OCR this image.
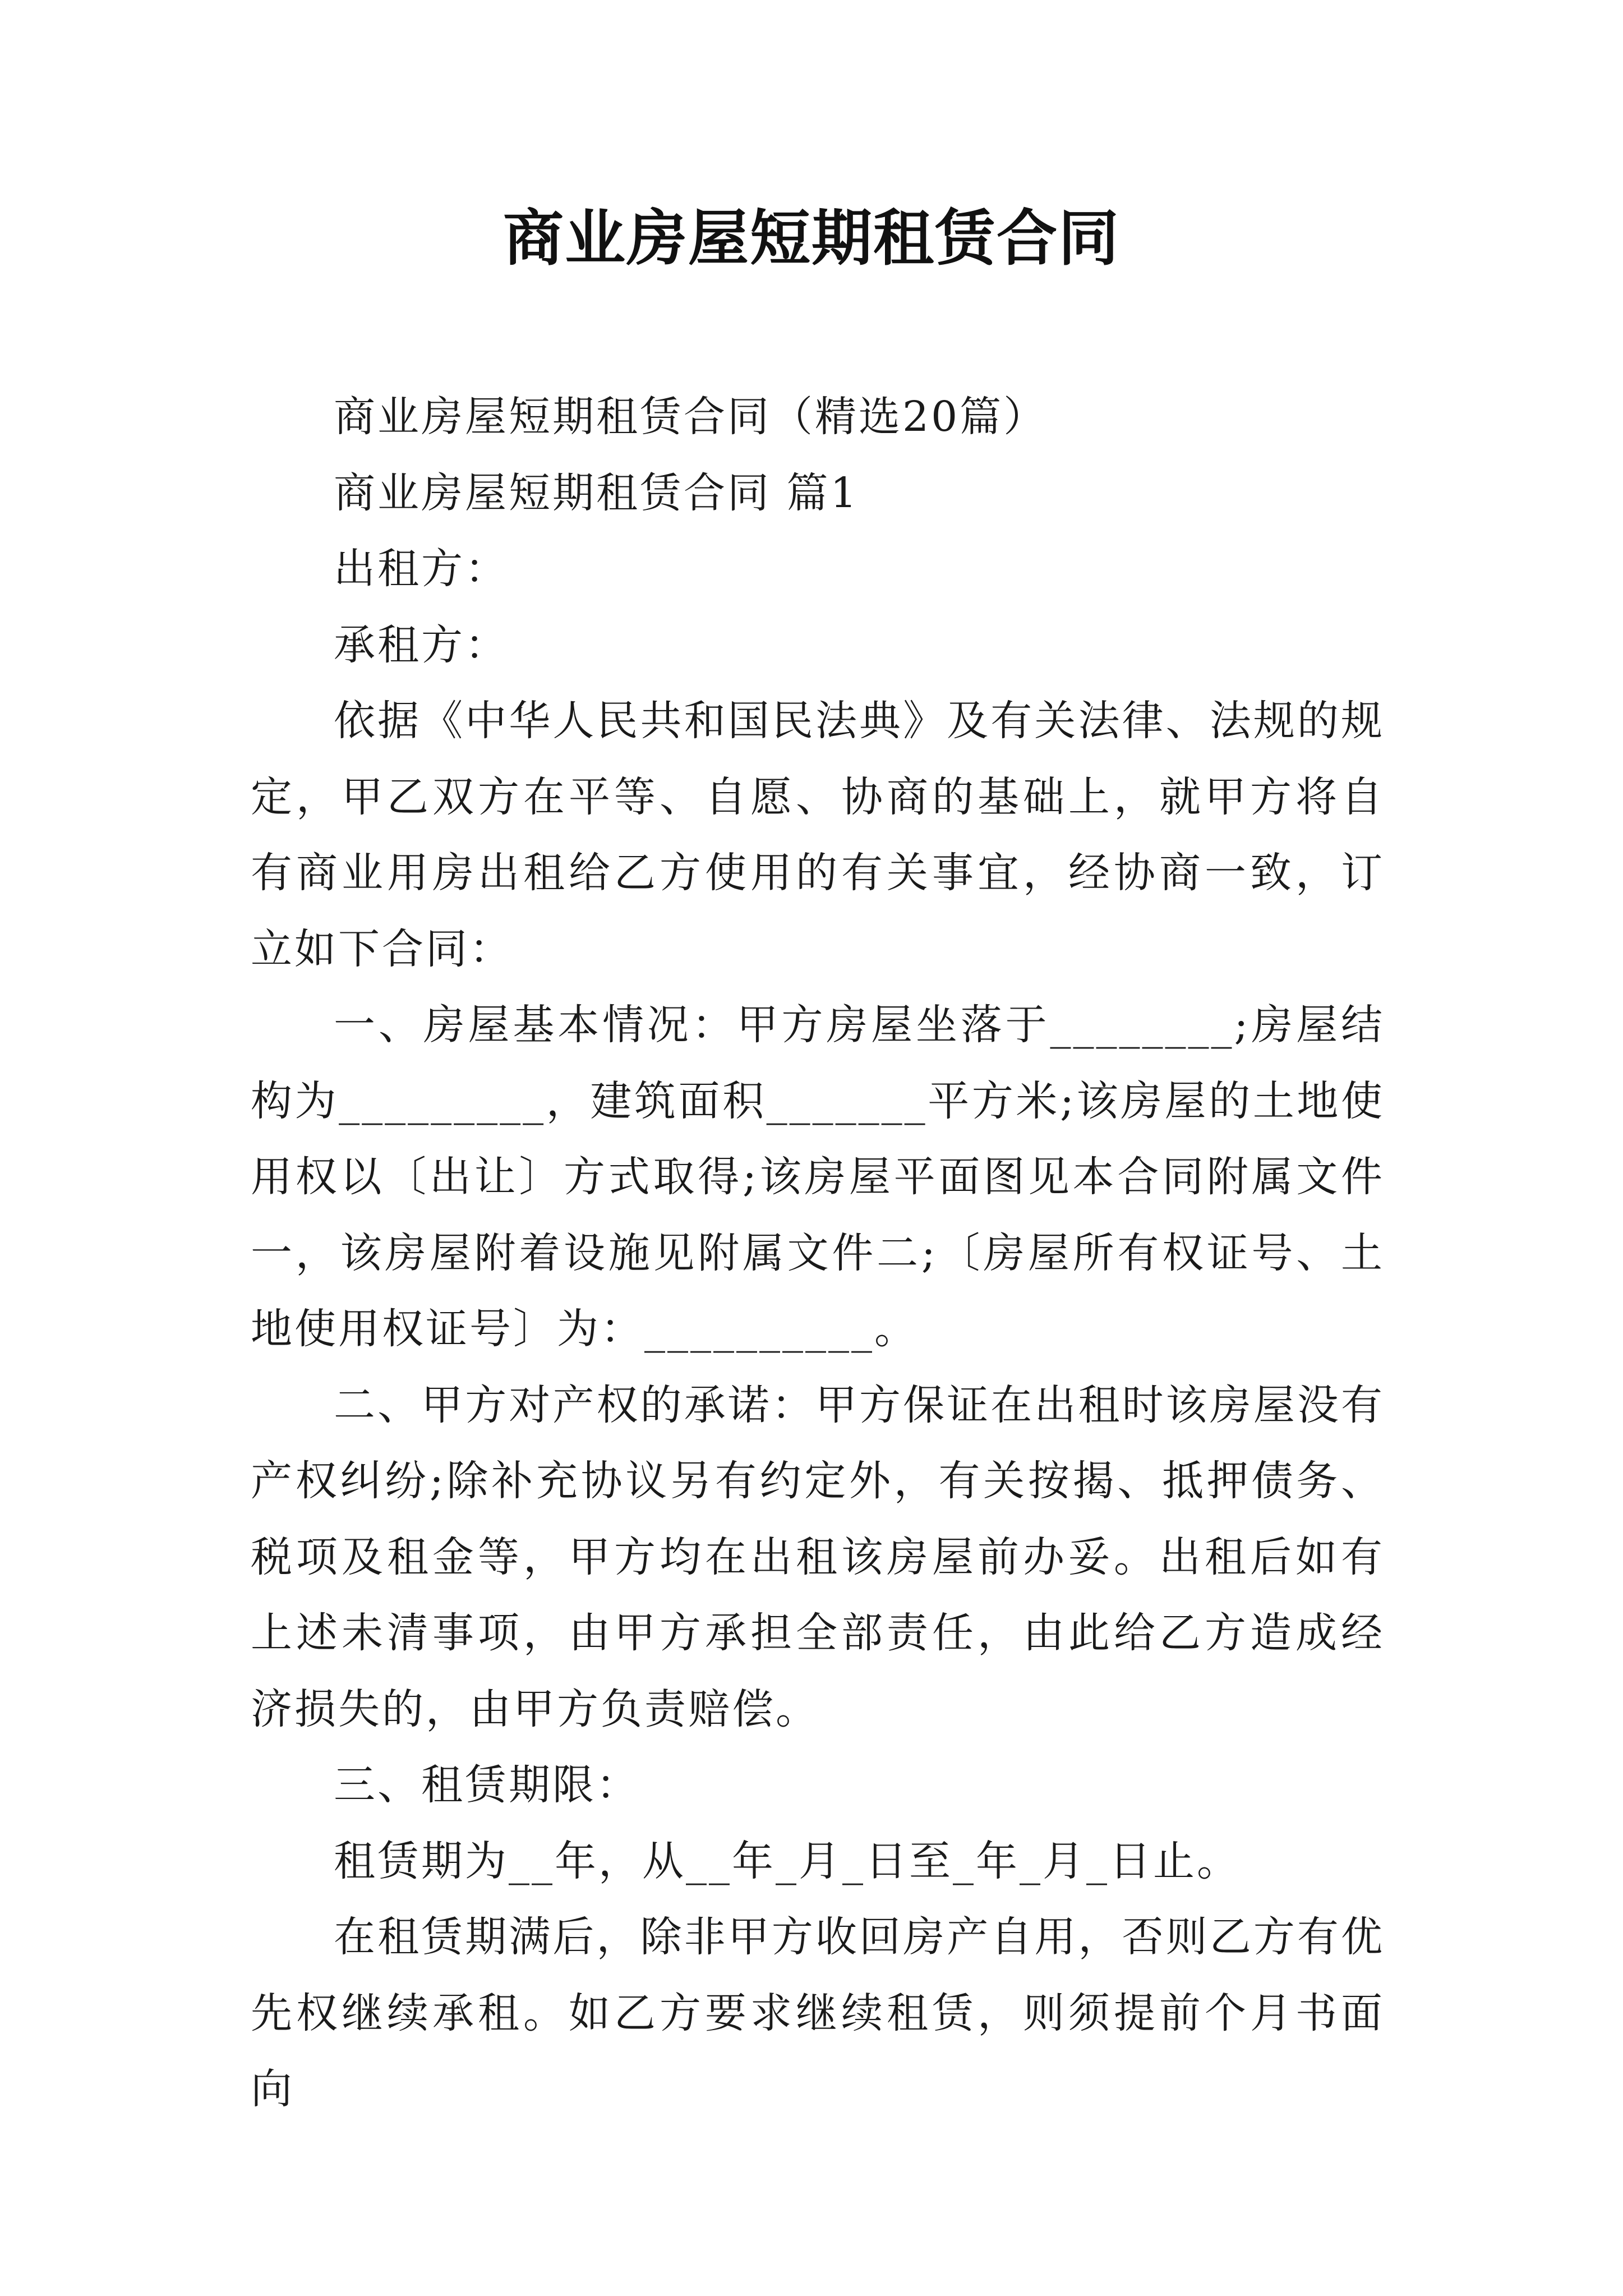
商业房屋短期租赁合同

商业房屋短期租赁合同（精选20篇）

商业房屋短期租赁合同 篇1

出租方：

承租方：

依据《中华人民共和国民法典》及有关法律、法规的规定，甲乙双方在平等、自愿、协商的基础上，就甲方将自有商业用房出租给乙方使用的有关事宜，经协商一致，订立如下合同：

一、房屋基本情况：甲方房屋坐落于________;房屋结构为_________，建筑面积_______平方米;该房屋的土地使用权以〔出让〕方式取得;该房屋平面图见本合同附属文件一，该房屋附着设施见附属文件二;〔房屋所有权证号、土地使用权证号〕为：__________。

二、甲方对产权的承诺：甲方保证在出租时该房屋没有产权纠纷;除补充协议另有约定外，有关按揭、抵押债务、税项及租金等，甲方均在出租该房屋前办妥。出租后如有上述未清事项，由甲方承担全部责任，由此给乙方造成经济损失的，由甲方负责赔偿。

三、租赁期限：

租赁期为__年，从__年_月_日至_年_月_日止。

在租赁期满后，除非甲方收回房产自用，否则乙方有优先权继续承租。如乙方要求继续租赁，则须提前个月书面向
